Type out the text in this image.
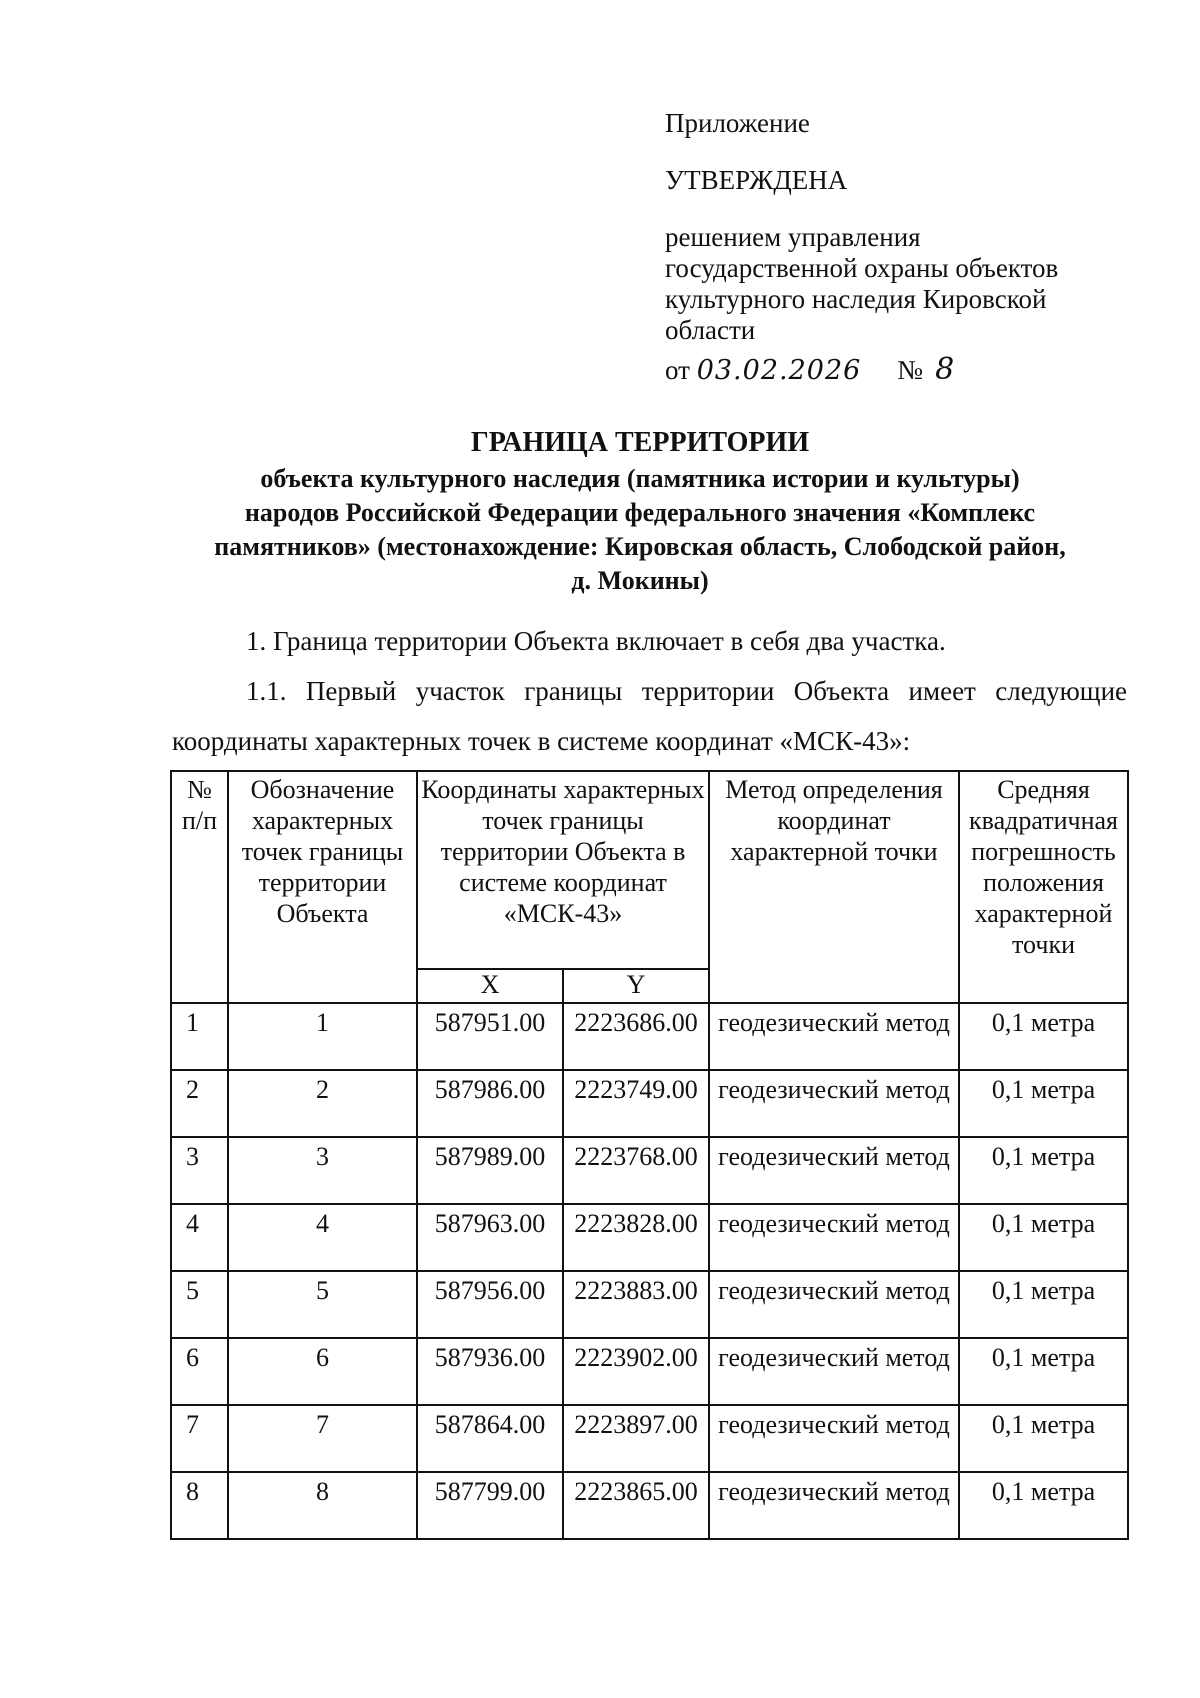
Приложение
УТВЕРЖДЕНА
решением управления
государственной охраны объектов
культурного наследия Кировской
области
от 03.02.2026 № 8
ГРАНИЦА ТЕРРИТОРИИ
объекта культурного наследия (памятника истории и культуры)
народов Российской Федерации федерального значения «Комплекс
памятников» (местонахождение: Кировская область, Слободской район,
д. Мокины)
1. Граница территории Объекта включает в себя два участка.
1.1. Первый участок границы территории Объекта имеет следующие координаты характерных точек в системе координат «МСК-43»:
№ п/п	Обозначение характерных точек границы территории Объекта	Координаты характерных точек границы территории Объекта в системе координат «МСК-43»		Метод определения координат характерной точки	Средняя квадратичная погрешность положения характерной точки
		X	Y		
1	1	587951.00	2223686.00	геодезический метод	0,1 метра
2	2	587986.00	2223749.00	геодезический метод	0,1 метра
3	3	587989.00	2223768.00	геодезический метод	0,1 метра
4	4	587963.00	2223828.00	геодезический метод	0,1 метра
5	5	587956.00	2223883.00	геодезический метод	0,1 метра
6	6	587936.00	2223902.00	геодезический метод	0,1 метра
7	7	587864.00	2223897.00	геодезический метод	0,1 метра
8	8	587799.00	2223865.00	геодезический метод	0,1 метра
